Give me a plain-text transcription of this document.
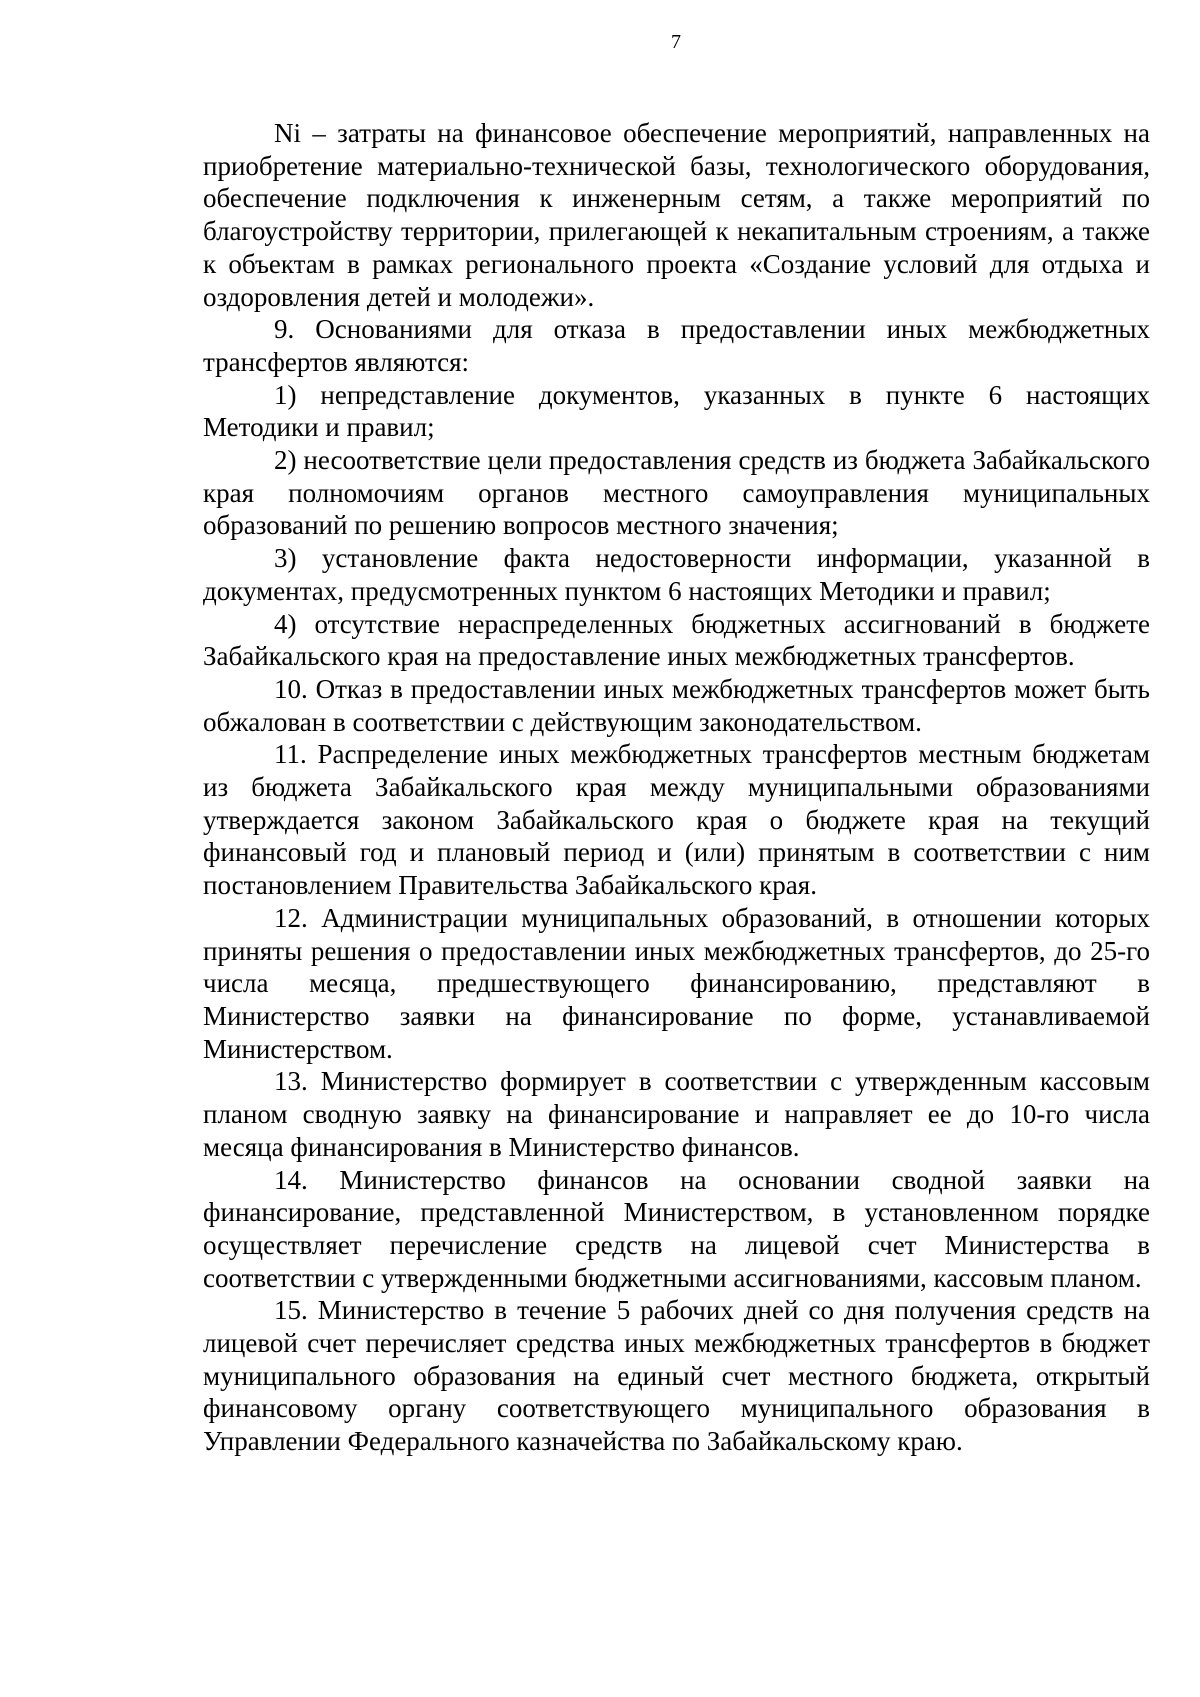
7

Ni – затраты на финансовое обеспечение мероприятий, направленных на приобретение материально-технической базы, технологического оборудования, обеспечение подключения к инженерным сетям, а также мероприятий по благоустройству территории, прилегающей к некапитальным строениям, а также к объектам в рамках регионального проекта «Создание условий для отдыха и оздоровления детей и молодежи».

9. Основаниями для отказа в предоставлении иных межбюджетных трансфертов являются:

1) непредставление документов, указанных в пункте 6 настоящих Методики и правил;

2) несоответствие цели предоставления средств из бюджета Забайкальского края полномочиям органов местного самоуправления муниципальных образований по решению вопросов местного значения;

3) установление факта недостоверности информации, указанной в документах, предусмотренных пунктом 6 настоящих Методики и правил;

4) отсутствие нераспределенных бюджетных ассигнований в бюджете Забайкальского края на предоставление иных межбюджетных трансфертов.

10. Отказ в предоставлении иных межбюджетных трансфертов может быть обжалован в соответствии с действующим законодательством.

11. Распределение иных межбюджетных трансфертов местным бюджетам из бюджета Забайкальского края между муниципальными образованиями утверждается законом Забайкальского края о бюджете края на текущий финансовый год и плановый период и (или) принятым в соответствии с ним постановлением Правительства Забайкальского края.

12. Администрации муниципальных образований, в отношении которых приняты решения о предоставлении иных межбюджетных трансфертов, до 25-го числа месяца, предшествующего финансированию, представляют в Министерство заявки на финансирование по форме, устанавливаемой Министерством.

13. Министерство формирует в соответствии с утвержденным кассовым планом сводную заявку на финансирование и направляет ее до 10-го числа месяца финансирования в Министерство финансов.

14. Министерство финансов на основании сводной заявки на финансирование, представленной Министерством, в установленном порядке осуществляет перечисление средств на лицевой счет Министерства в соответствии с утвержденными бюджетными ассигнованиями, кассовым планом.

15. Министерство в течение 5 рабочих дней со дня получения средств на лицевой счет перечисляет средства иных межбюджетных трансфертов в бюджет муниципального образования на единый счет местного бюджета, открытый финансовому органу соответствующего муниципального образования в Управлении Федерального казначейства по Забайкальскому краю.
